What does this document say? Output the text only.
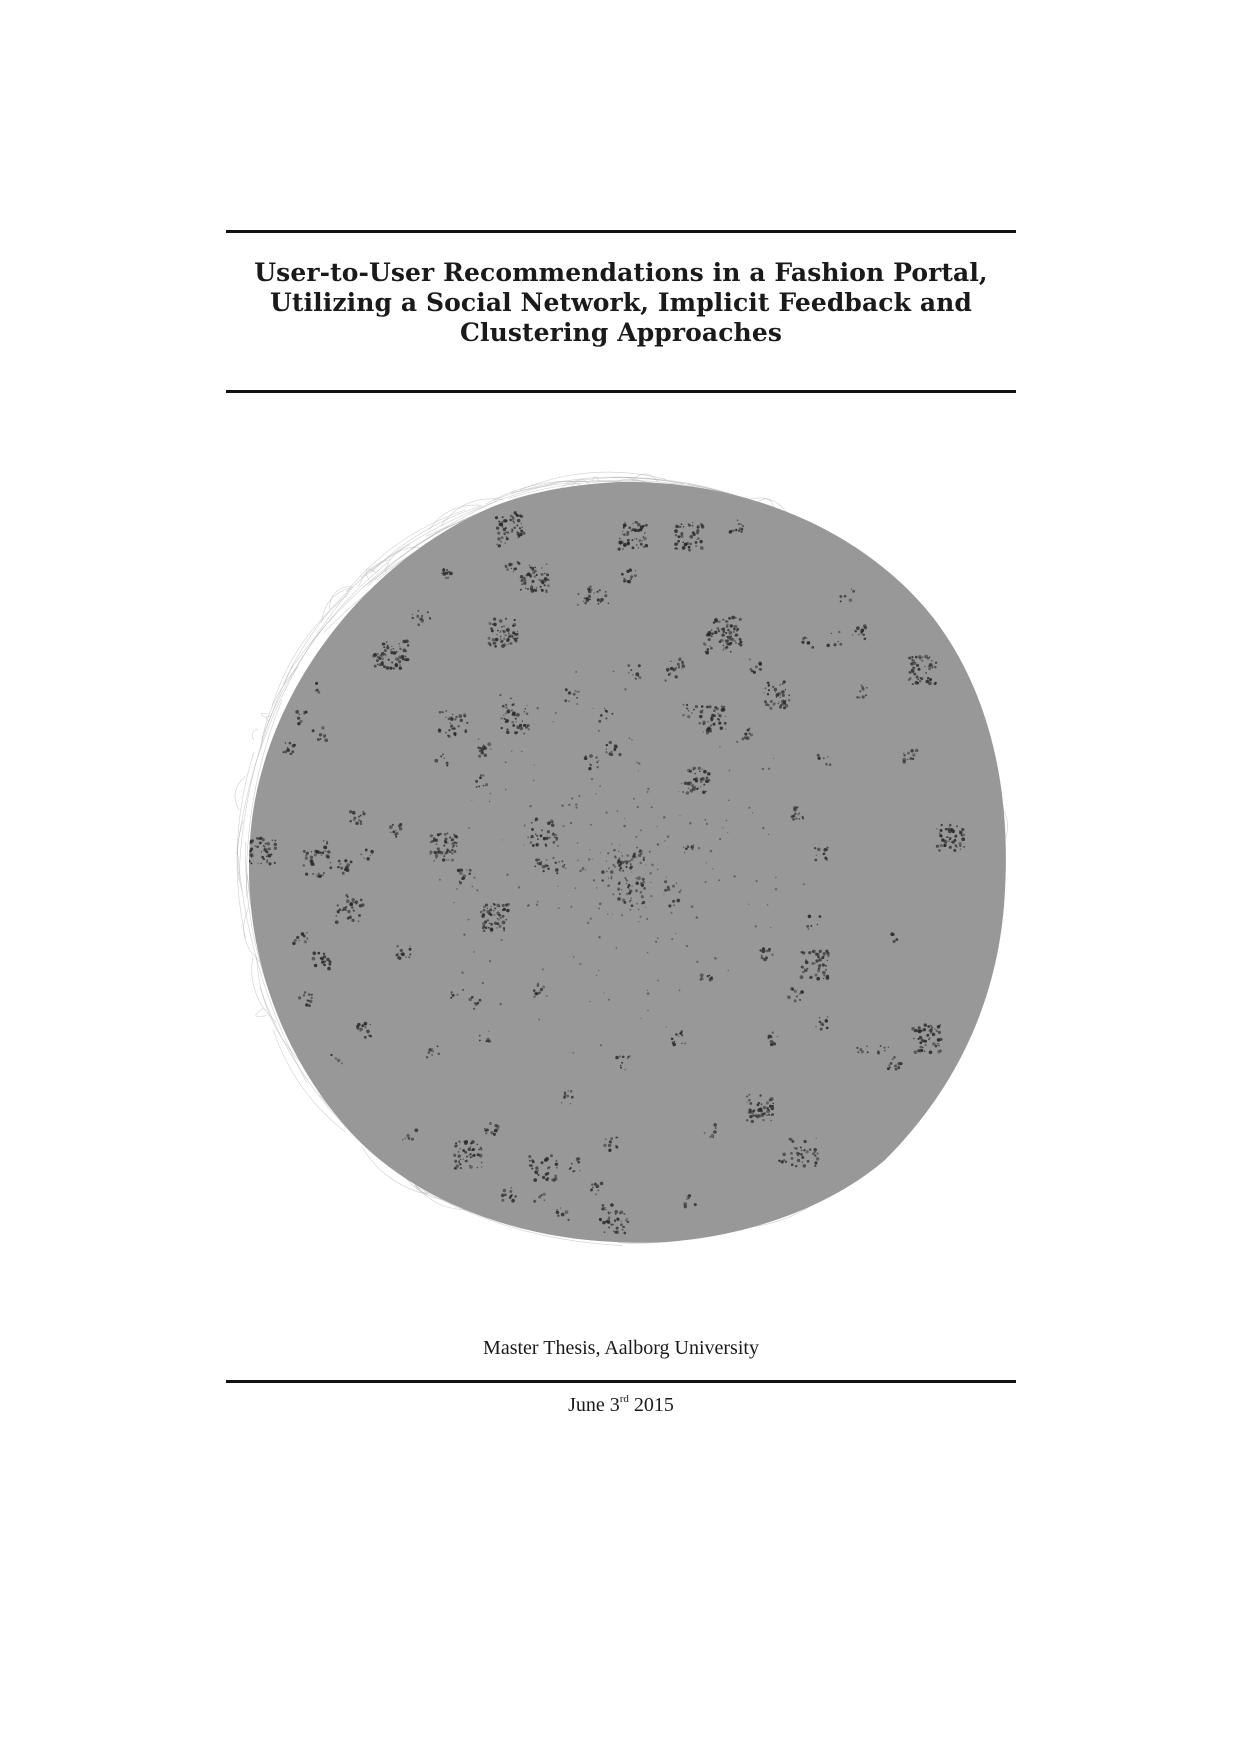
User-to-User Recommendations in a Fashion Portal,
Utilizing a Social Network, Implicit Feedback and
Clustering Approaches
Master Thesis, Aalborg University
June 3rd 2015
